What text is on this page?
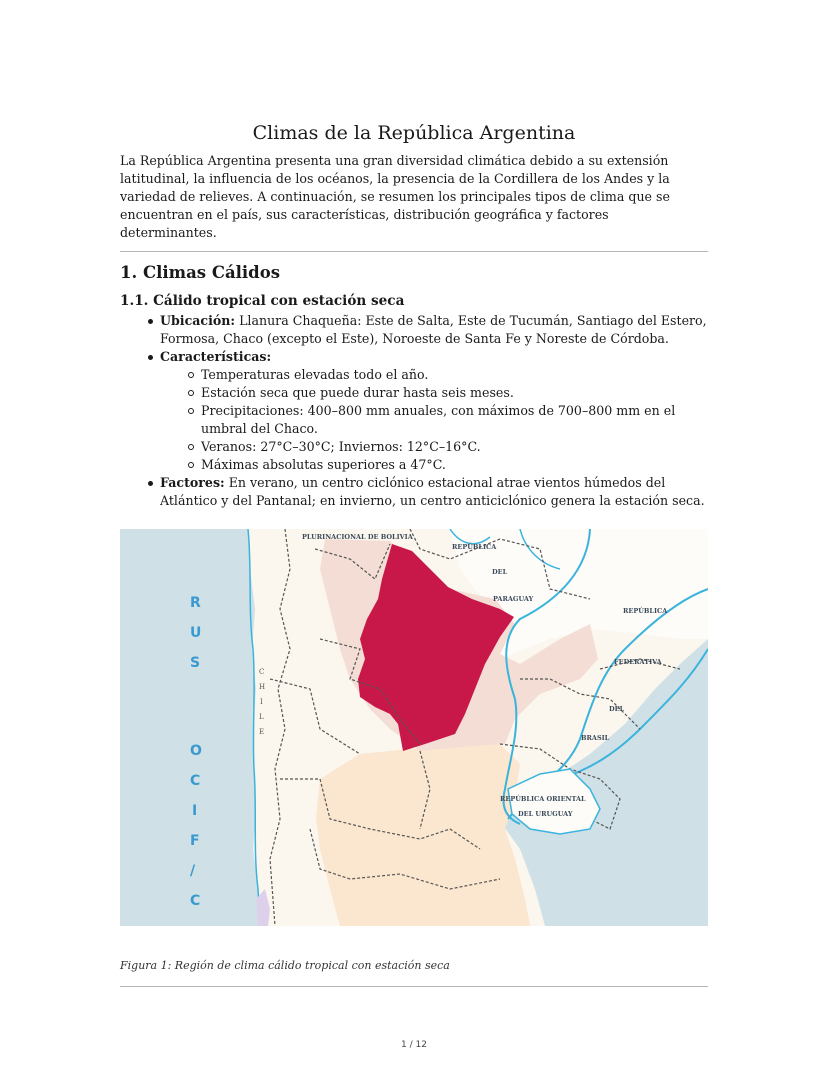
Climas de la República Argentina

La República Argentina presenta una gran diversidad climática debido a su extensión latitudinal, la influencia de los océanos, la presencia de la Cordillera de los Andes y la variedad de relieves. A continuación, se resumen los principales tipos de clima que se encuentran en el país, sus características, distribución geográfica y factores determinantes.

1. Climas Cálidos
1.1. Cálido tropical con estación seca
Ubicación: Llanura Chaqueña: Este de Salta, Este de Tucumán, Santiago del Estero, Formosa, Chaco (excepto el Este), Noroeste de Santa Fe y Noreste de Córdoba.
Características:
Temperaturas elevadas todo el año.
Estación seca que puede durar hasta seis meses.
Precipitaciones: 400–800 mm anuales, con máximos de 700–800 mm en el umbral del Chaco.
Veranos: 27°C–30°C; Inviernos: 12°C–16°C.
Máximas absolutas superiores a 47°C.
Factores: En verano, un centro ciclónico estacional atrae vientos húmedos del Atlántico y del Pantanal; en invierno, un centro anticiclónico genera la estación seca.
PLURINACIONAL DE BOLIVIA
REPÚBLICA
DEL
PARAGUAY
REPÚBLICA
FEDERATIVA
DEL
BRASIL
REPÚBLICA ORIENTAL
DEL URUGUAY
C
/
F
I
C
O
S
U
R
C
H
I
L
E
Figura 1: Región de clima cálido tropical con estación seca
1 / 12
